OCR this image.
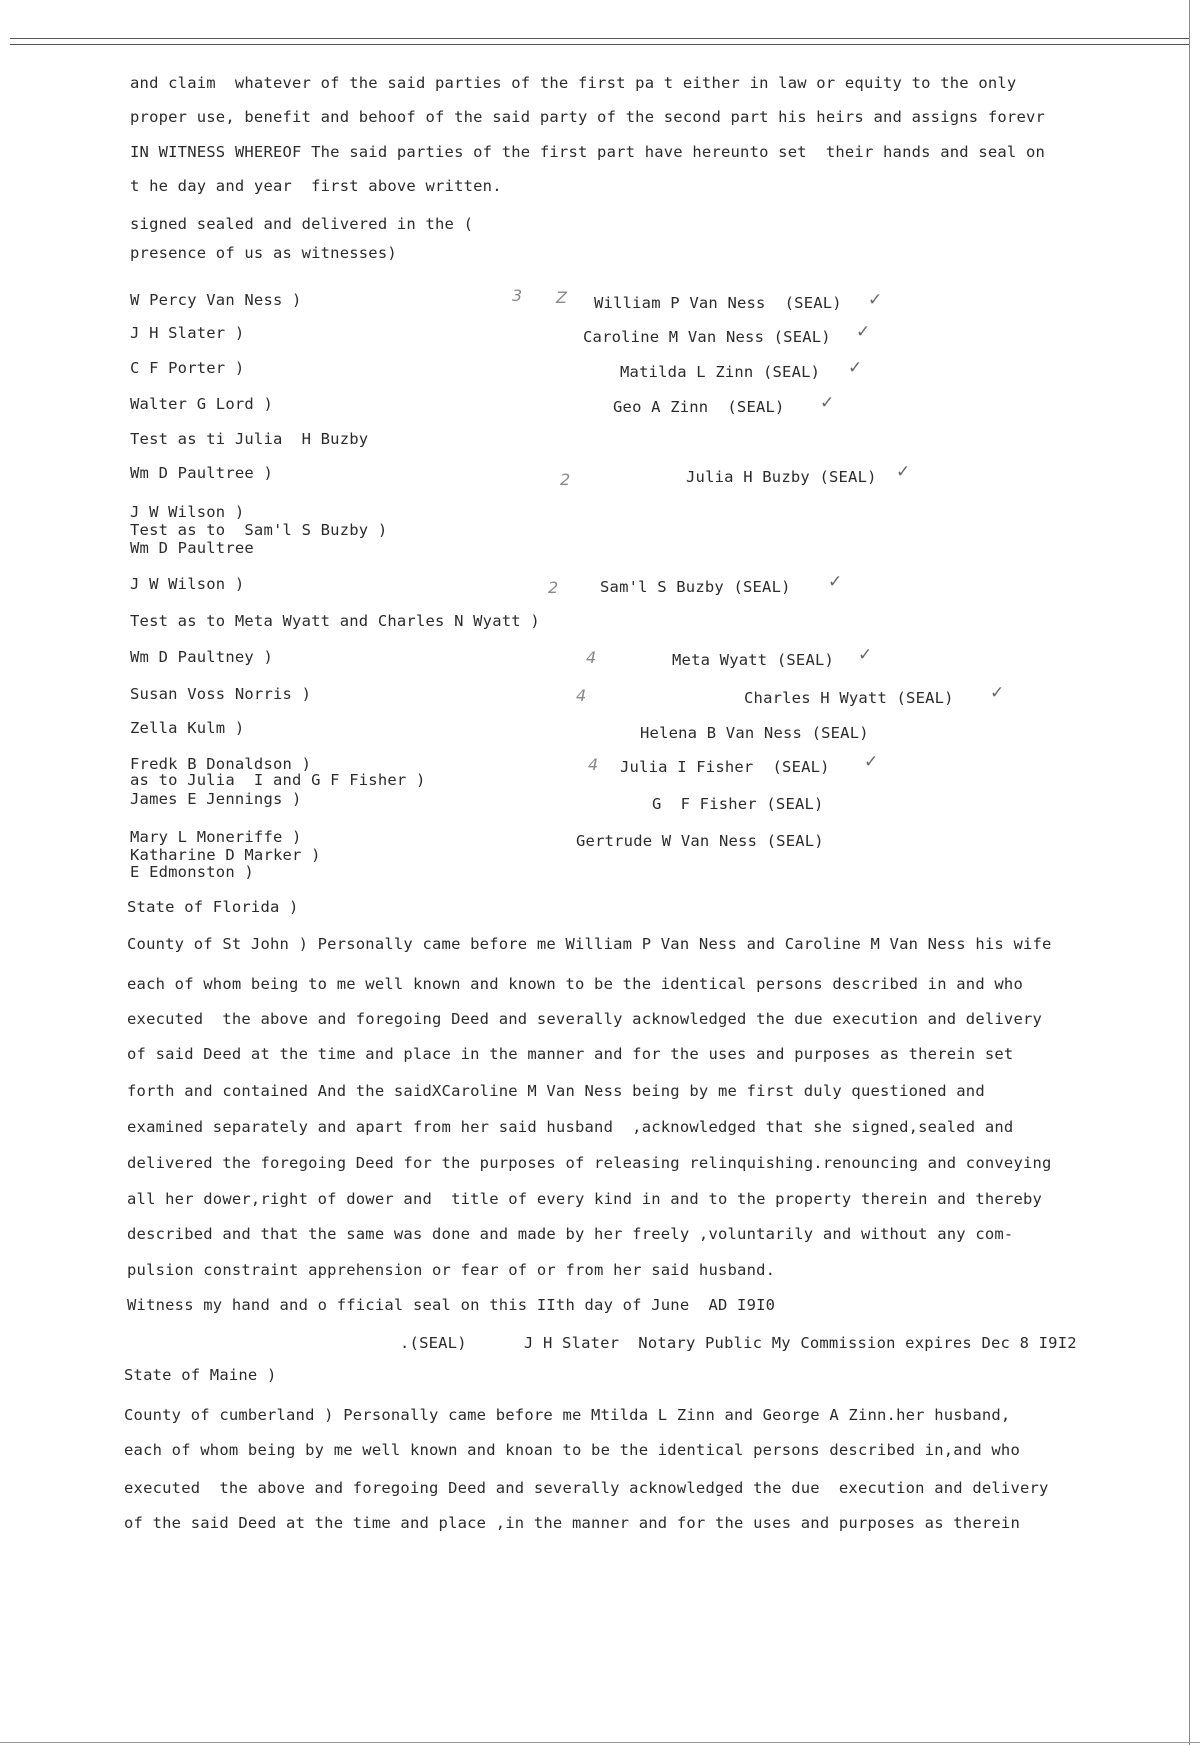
and claim  whatever of the said parties of the first pa t either in law or equity to the only
proper use, benefit and behoof of the said party of the second part his heirs and assigns forevr
IN WITNESS WHEREOF The said parties of the first part have hereunto set  their hands and seal on
t he day and year  first above written.
signed sealed and delivered in the (
presence of us as witnesses)
W Percy Van Ness )
J H Slater )
C F Porter )
Walter G Lord )
Test as ti Julia  H Buzby
Wm D Paultree )
J W Wilson )
Test as to  Sam'l S Buzby )
Wm D Paultree
J W Wilson )
Test as to Meta Wyatt and Charles N Wyatt )
Wm D Paultney )
Susan Voss Norris )
Zella Kulm )
Fredk B Donaldson )
as to Julia  I and G F Fisher )
James E Jennings )
Mary L Moneriffe )
Katharine D Marker )
E Edmonston )
3 Z
2
2
4
4
4
William P Van Ness  (SEAL)
Caroline M Van Ness (SEAL)
Matilda L Zinn (SEAL)
Geo A Zinn  (SEAL)
Julia H Buzby (SEAL)
Sam'l S Buzby (SEAL)
Meta Wyatt (SEAL)
Charles H Wyatt (SEAL)
Helena B Van Ness (SEAL)
Julia I Fisher  (SEAL)
G  F Fisher (SEAL)
Gertrude W Van Ness (SEAL)
✓
✓
✓
✓
✓
✓
✓
✓
✓
State of Florida )
County of St John ) Personally came before me William P Van Ness and Caroline M Van Ness his wife
each of whom being to me well known and known to be the identical persons described in and who
executed  the above and foregoing Deed and severally acknowledged the due execution and delivery
of said Deed at the time and place in the manner and for the uses and purposes as therein set
forth and contained And the saidXCaroline M Van Ness being by me first duly questioned and
examined separately and apart from her said husband  ,acknowledged that she signed,sealed and
delivered the foregoing Deed for the purposes of releasing relinquishing.renouncing and conveying
all her dower,right of dower and  title of every kind in and to the property therein and thereby
described and that the same was done and made by her freely ,voluntarily and without any com-
pulsion constraint apprehension or fear of or from her said husband.
Witness my hand and o fficial seal on this IIth day of June  AD I9I0
.(SEAL)      J H Slater  Notary Public My Commission expires Dec 8 I9I2
State of Maine )
County of cumberland ) Personally came before me Mtilda L Zinn and George A Zinn.her husband,
each of whom being by me well known and knoan to be the identical persons described in,and who
executed  the above and foregoing Deed and severally acknowledged the due  execution and delivery
of the said Deed at the time and place ,in the manner and for the uses and purposes as therein
